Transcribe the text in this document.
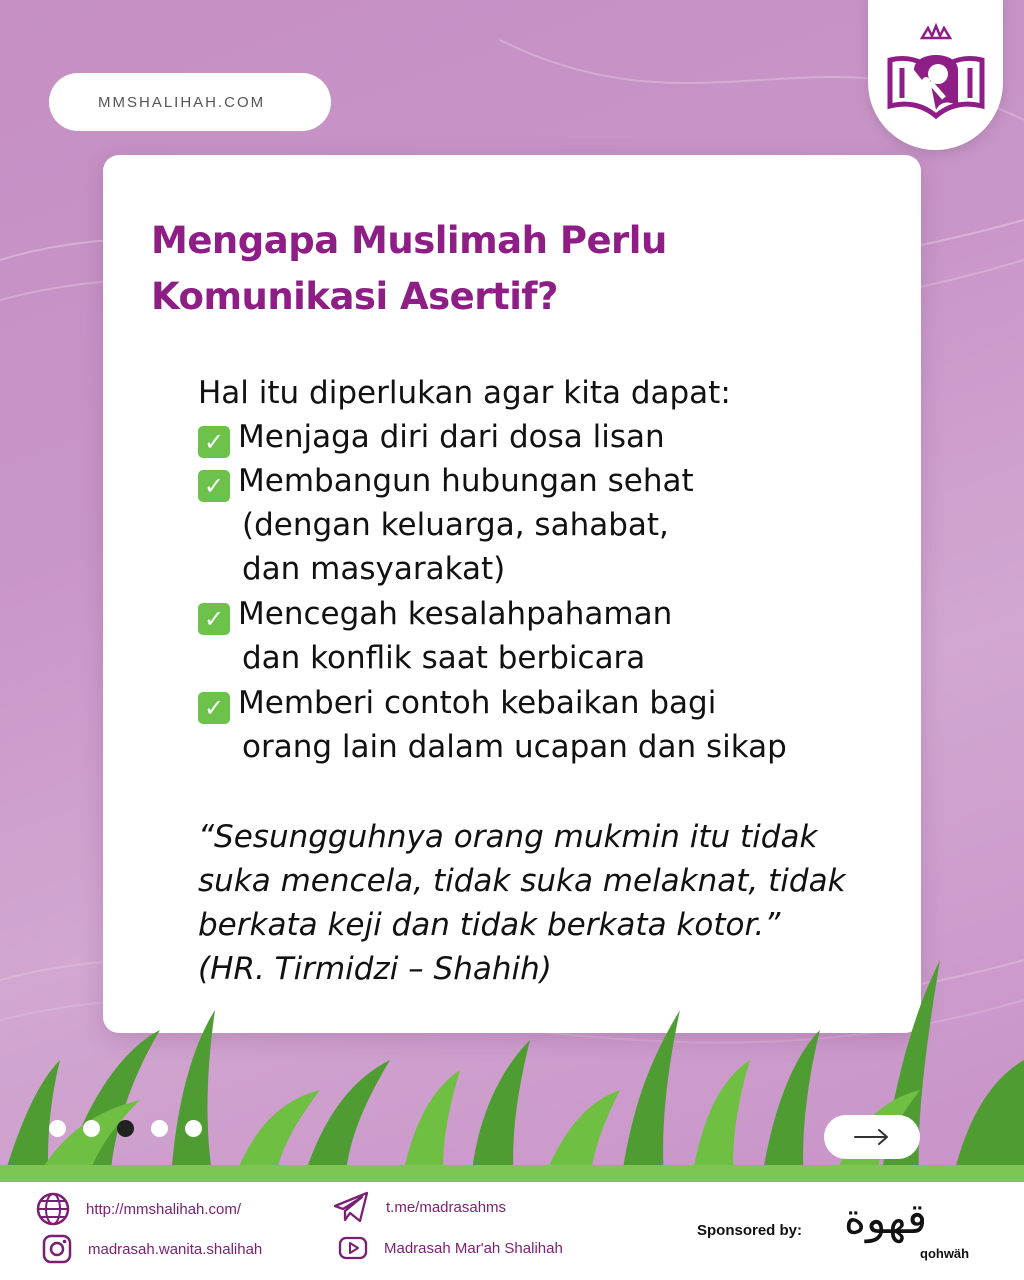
MMSHALIHAH.COM
Mengapa Muslimah Perlu
Komunikasi Asertif?

Hal itu diperlukan agar kita dapat:

✓ Menjaga diri dari dosa lisan
✓ Membangun hubungan sehat
(dengan keluarga, sahabat,
dan masyarakat)
✓ Mencegah kesalahpahaman
dan konflik saat berbicara
✓ Memberi contoh kebaikan bagi
orang lain dalam ucapan dan sikap
“Sesungguhnya orang mukmin itu tidak
suka mencela, tidak suka melaknat, tidak
berkata keji dan tidak berkata kotor.”
(HR. Tirmidzi – Shahih)
http://mmshalihah.com/
madrasah.wanita.shalihah
t.me/madrasahms
Madrasah Mar'ah Shalihah
Sponsored by: قهوة
qohwäh
